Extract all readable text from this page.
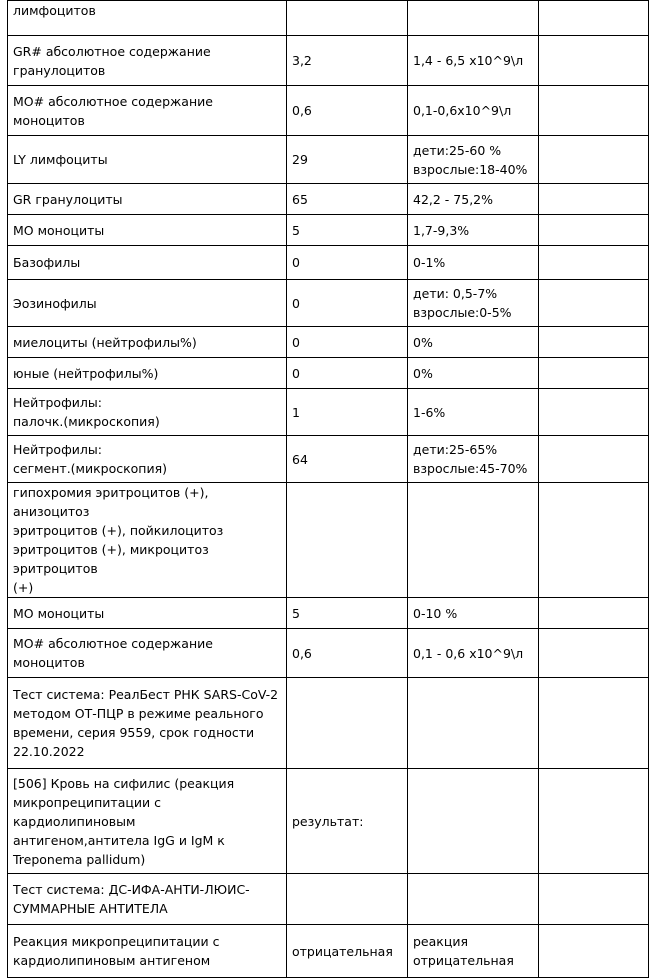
лимфоцитов			
GR# абсолютное содержание
гранулоцитов	3,2	1,4 - 6,5 x10^9\л	
MO# абсолютное содержание
моноцитов	0,6	0,1-0,6x10^9\л	
LY лимфоциты	29	дети:25-60 %
взрослые:18-40%	
GR гранулоциты	65	42,2 - 75,2%	
MO моноциты	5	1,7-9,3%	
Базофилы	0	0-1%	
Эозинофилы	0	дети: 0,5-7%
взрослые:0-5%	
миелоциты (нейтрофилы%)	0	0%	
юные (нейтрофилы%)	0	0%	
Нейтрофилы:
палочк.(микроскопия)	1	1-6%	
Нейтрофилы:
сегмент.(микроскопия)	64	дети:25-65%
взрослые:45-70%	
гипохромия эритроцитов (+), анизоцитоз
эритроцитов (+), пойкилоцитоз
эритроцитов (+), микроцитоз эритроцитов
(+)			
MO моноциты	5	0-10 %	
MO# абсолютное содержание
моноцитов	0,6	0,1 - 0,6 x10^9\л	
Тест система: РеалБест РНК SARS-CoV-2
методом ОТ-ПЦР в режиме реального
времени, серия 9559, срок годности
22.10.2022			
[506] Кровь на сифилис (реакция
микропреципитации с
кардиолипиновым
антигеном,антитела IgG и IgM к
Treponema pallidum)	результат:		
Тест система: ДС-ИФА-АНТИ-ЛЮИС-
СУММАРНЫЕ АНТИТЕЛА			
Реакция микропреципитации с
кардиолипиновым антигеном	отрицательная	реакция
отрицательная	
